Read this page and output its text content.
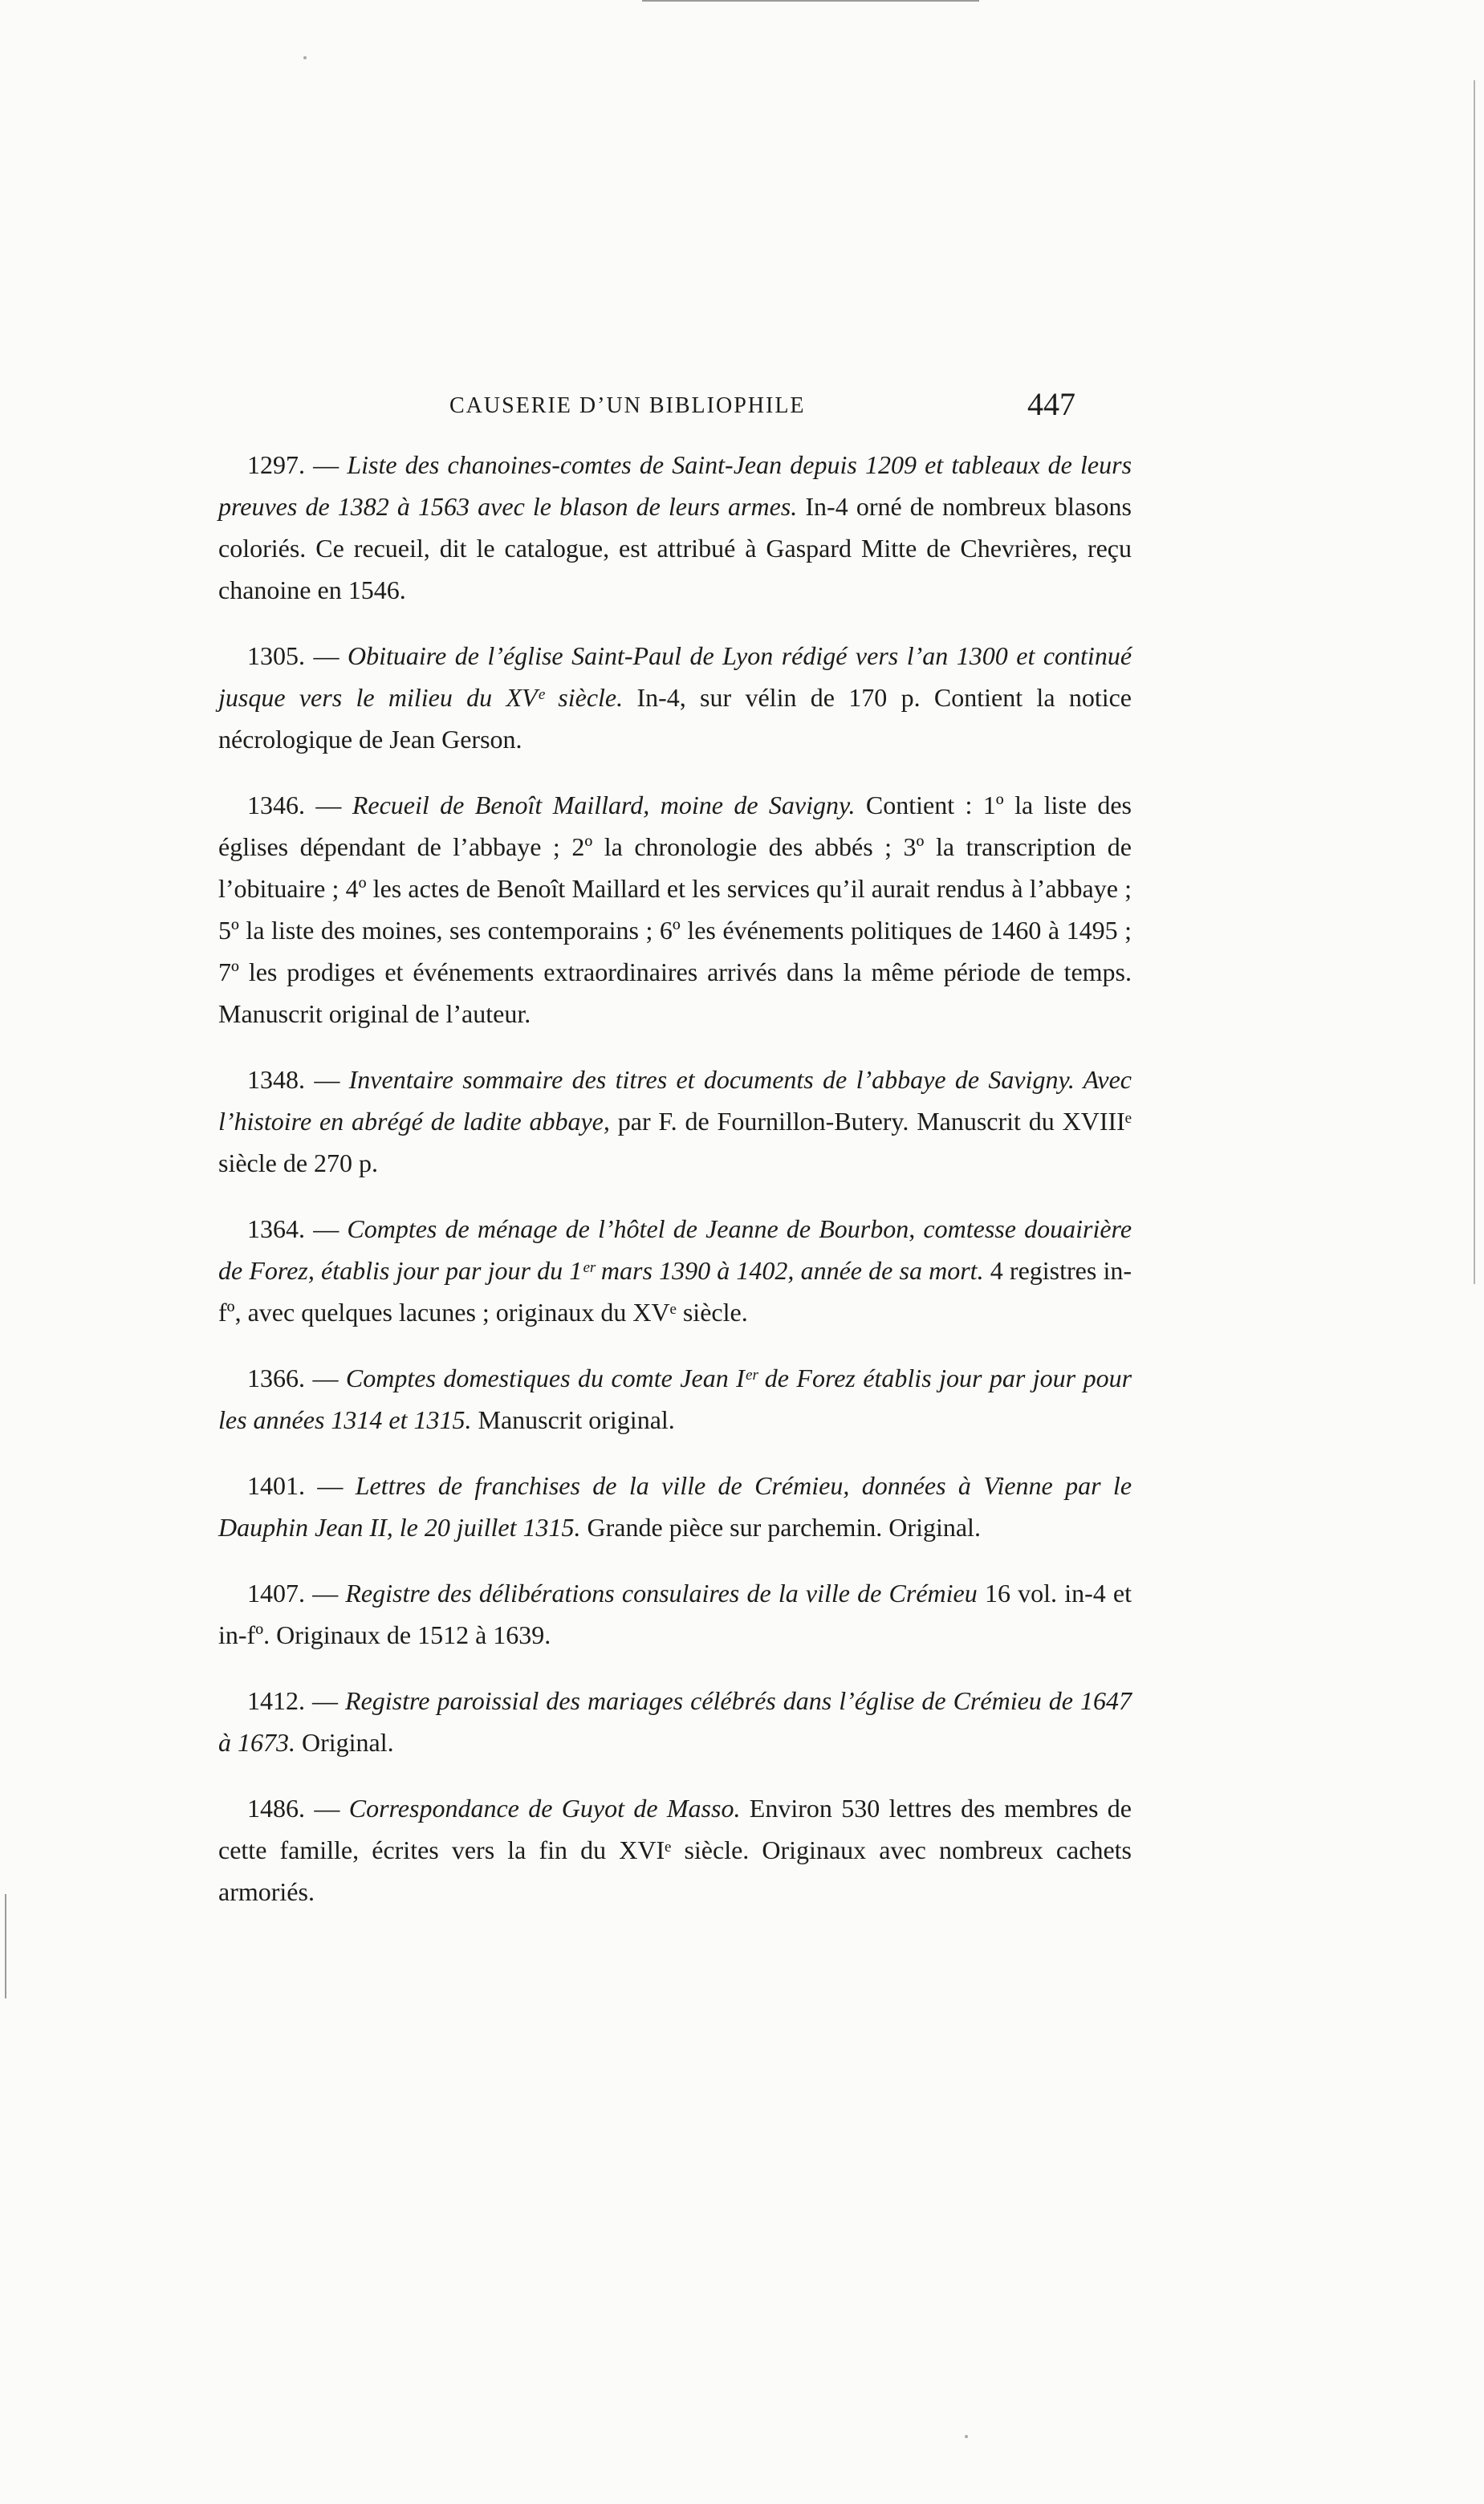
CAUSERIE D’UN BIBLIOPHILE	447

1297. — Liste des chanoines-comtes de Saint-Jean depuis 1209 et tableaux de leurs preuves de 1382 à 1563 avec le blason de leurs armes. In-4 orné de nombreux blasons coloriés. Ce recueil, dit le catalogue, est attribué à Gaspard Mitte de Chevrières, reçu chanoine en 1546.

1305. — Obituaire de l’église Saint-Paul de Lyon rédigé vers l’an 1300 et continué jusque vers le milieu du XVᵉ siècle. In-4, sur vélin de 170 p. Contient la notice nécrologique de Jean Gerson.

1346. — Recueil de Benoît Maillard, moine de Savigny. Contient : 1º la liste des églises dépendant de l’abbaye ; 2º la chronologie des abbés ; 3º la transcription de l’obituaire ; 4º les actes de Benoît Maillard et les services qu’il aurait rendus à l’abbaye ; 5º la liste des moines, ses contemporains ; 6º les événements politiques de 1460 à 1495 ; 7º les prodiges et événements extraordinaires arrivés dans la même période de temps. Manuscrit original de l’auteur.

1348. — Inventaire sommaire des titres et documents de l’abbaye de Savigny. Avec l’histoire en abrégé de ladite abbaye, par F. de Fournillon-Butery. Manuscrit du XVIIIᵉ siècle de 270 p.

1364. — Comptes de ménage de l’hôtel de Jeanne de Bourbon, comtesse douairière de Forez, établis jour par jour du 1ᵉʳ mars 1390 à 1402, année de sa mort. 4 registres in-fº, avec quelques lacunes ; originaux du XVᵉ siècle.

1366. — Comptes domestiques du comte Jean Iᵉʳ de Forez établis jour par jour pour les années 1314 et 1315. Manuscrit original.

1401. — Lettres de franchises de la ville de Crémieu, données à Vienne par le Dauphin Jean II, le 20 juillet 1315. Grande pièce sur parchemin. Original.

1407. — Registre des délibérations consulaires de la ville de Crémieu 16 vol. in-4 et in-fº. Originaux de 1512 à 1639.

1412. — Registre paroissial des mariages célébrés dans l’église de Crémieu de 1647 à 1673. Original.

1486. — Correspondance de Guyot de Masso. Environ 530 lettres des membres de cette famille, écrites vers la fin du XVIᵉ siècle. Originaux avec nombreux cachets armoriés.
